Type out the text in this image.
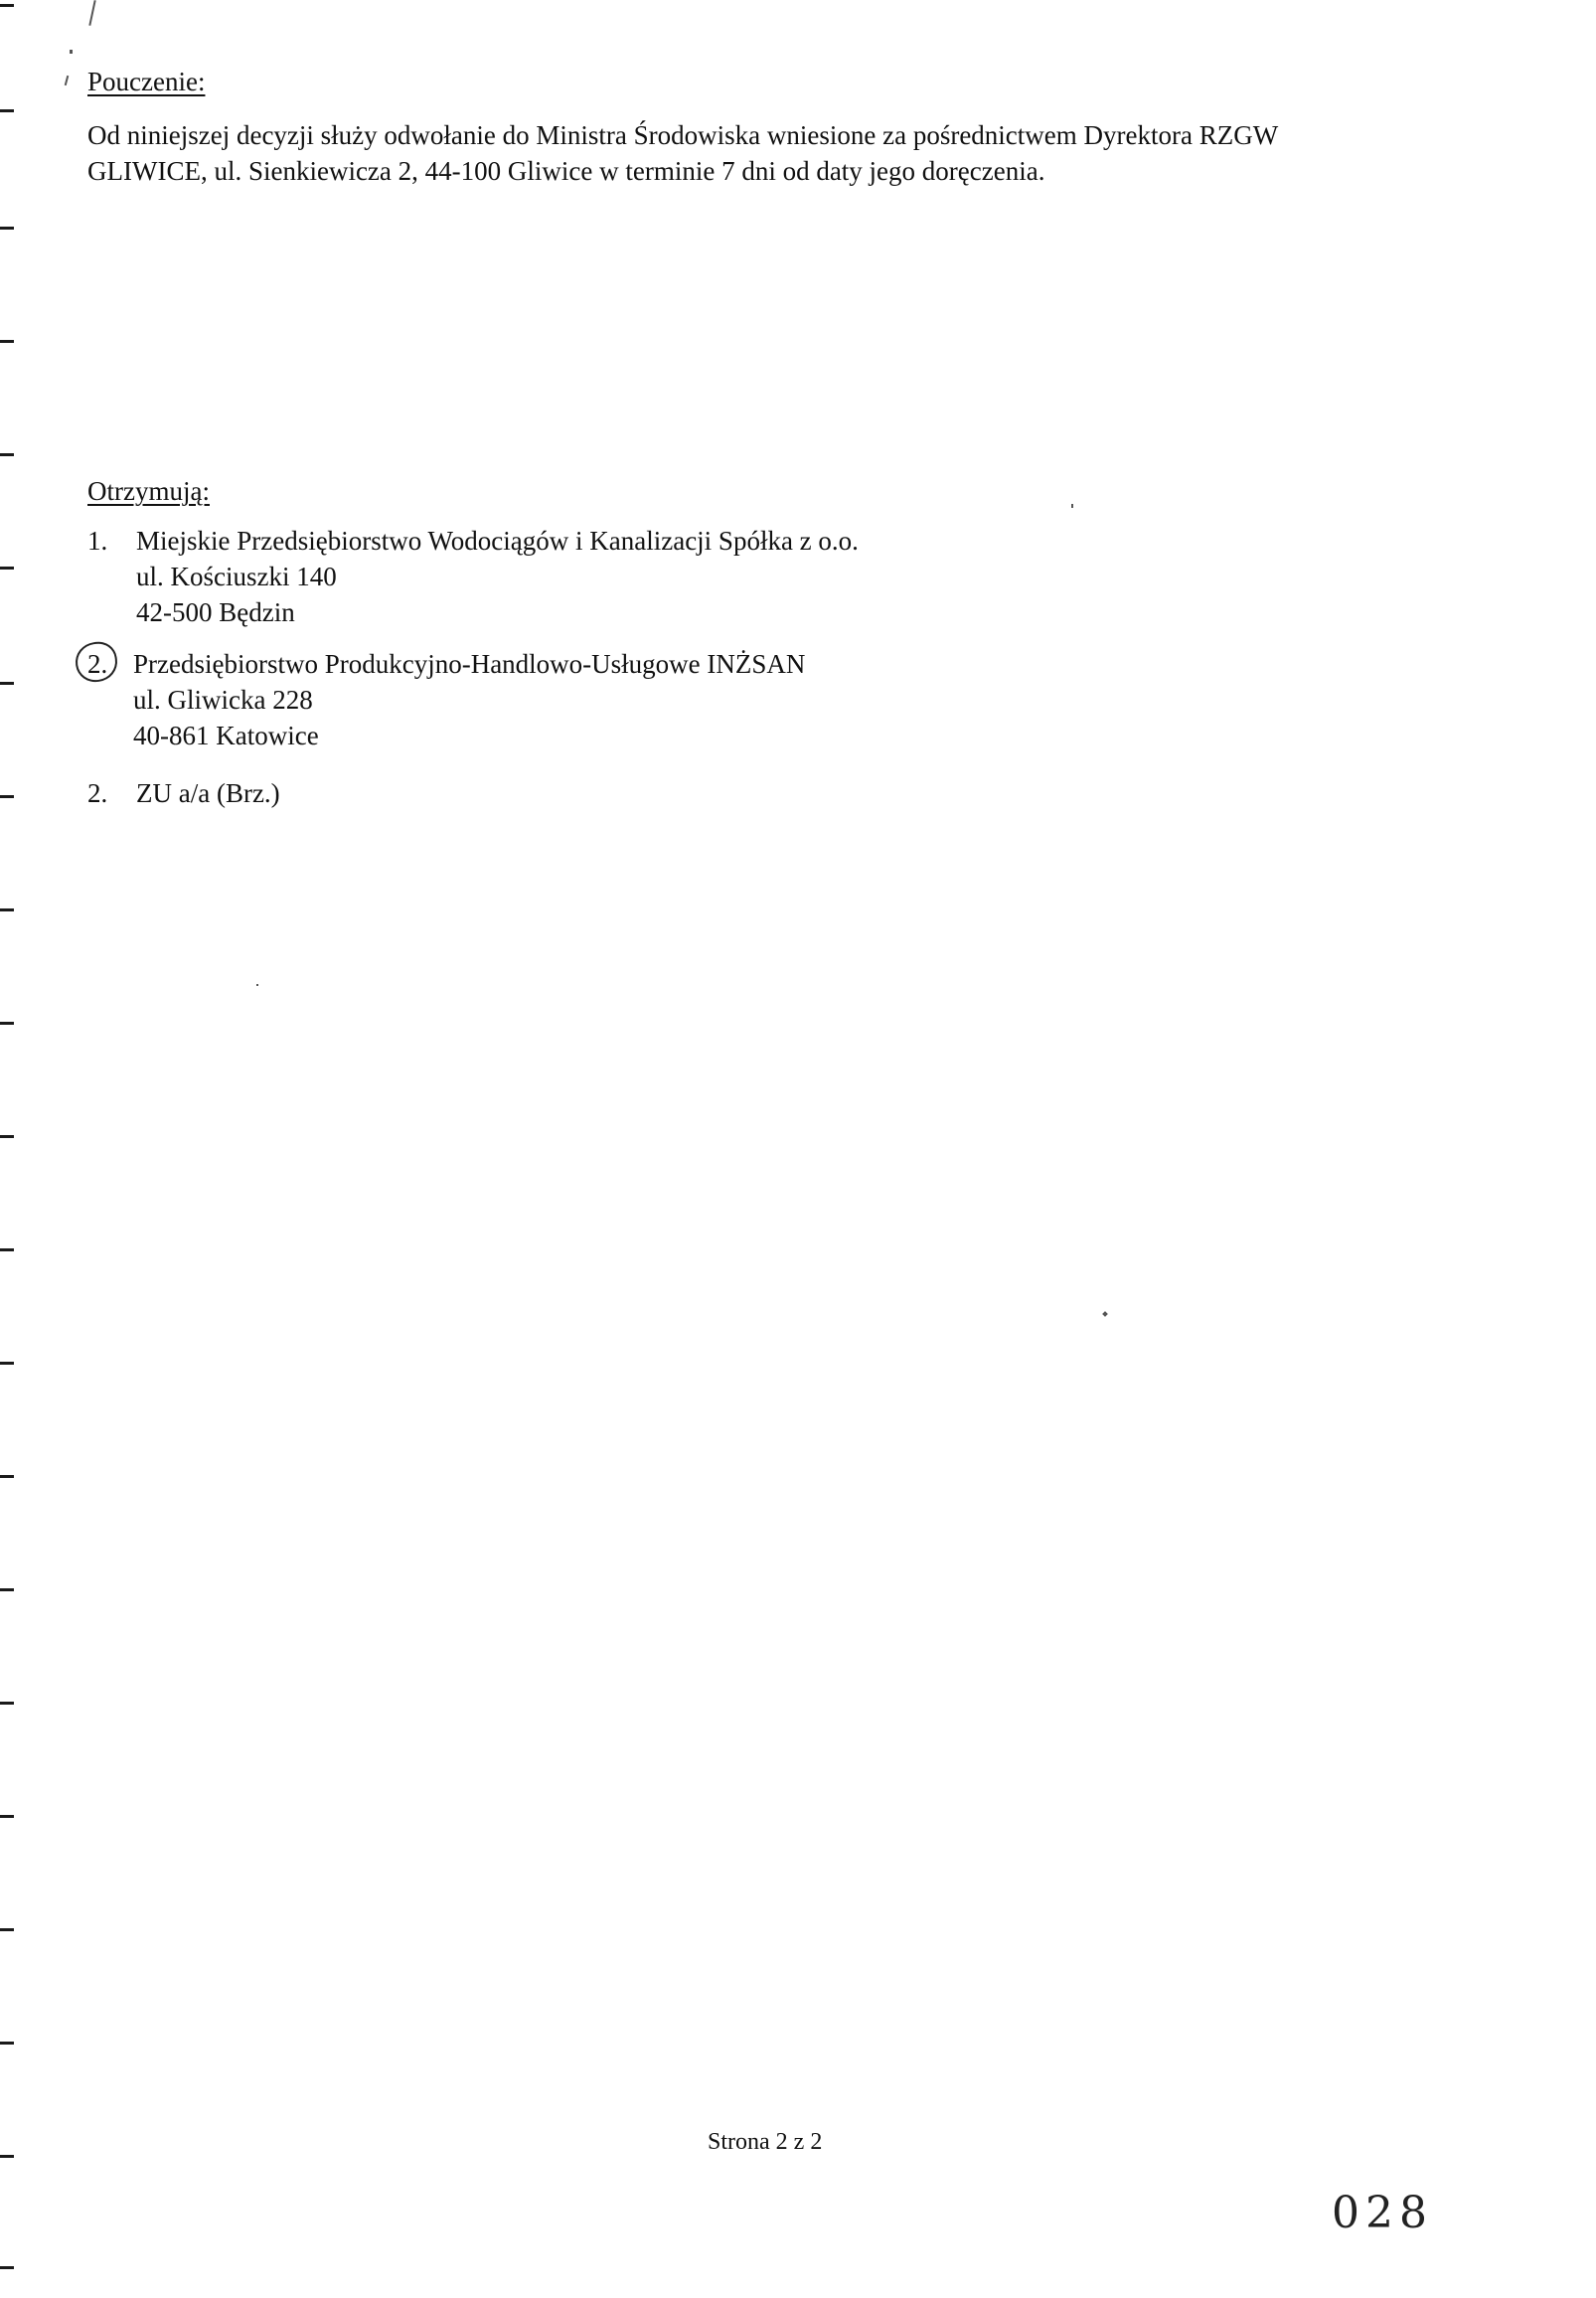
Pouczenie:
Od niniejszej decyzji służy odwołanie do Ministra Środowiska wniesione za pośrednictwem Dyrektora RZGW
GLIWICE, ul. Sienkiewicza 2, 44-100 Gliwice w terminie 7 dni od daty jego doręczenia.
Otrzymują:
1. Miejskie Przedsiębiorstwo Wodociągów i Kanalizacji Spółka z o.o.
ul. Kościuszki 140
42-500 Będzin
2. Przedsiębiorstwo Produkcyjno-Handlowo-Usługowe INŻSAN
ul. Gliwicka 228
40-861 Katowice
2. ZU a/a (Brz.)
Strona 2 z 2
028
